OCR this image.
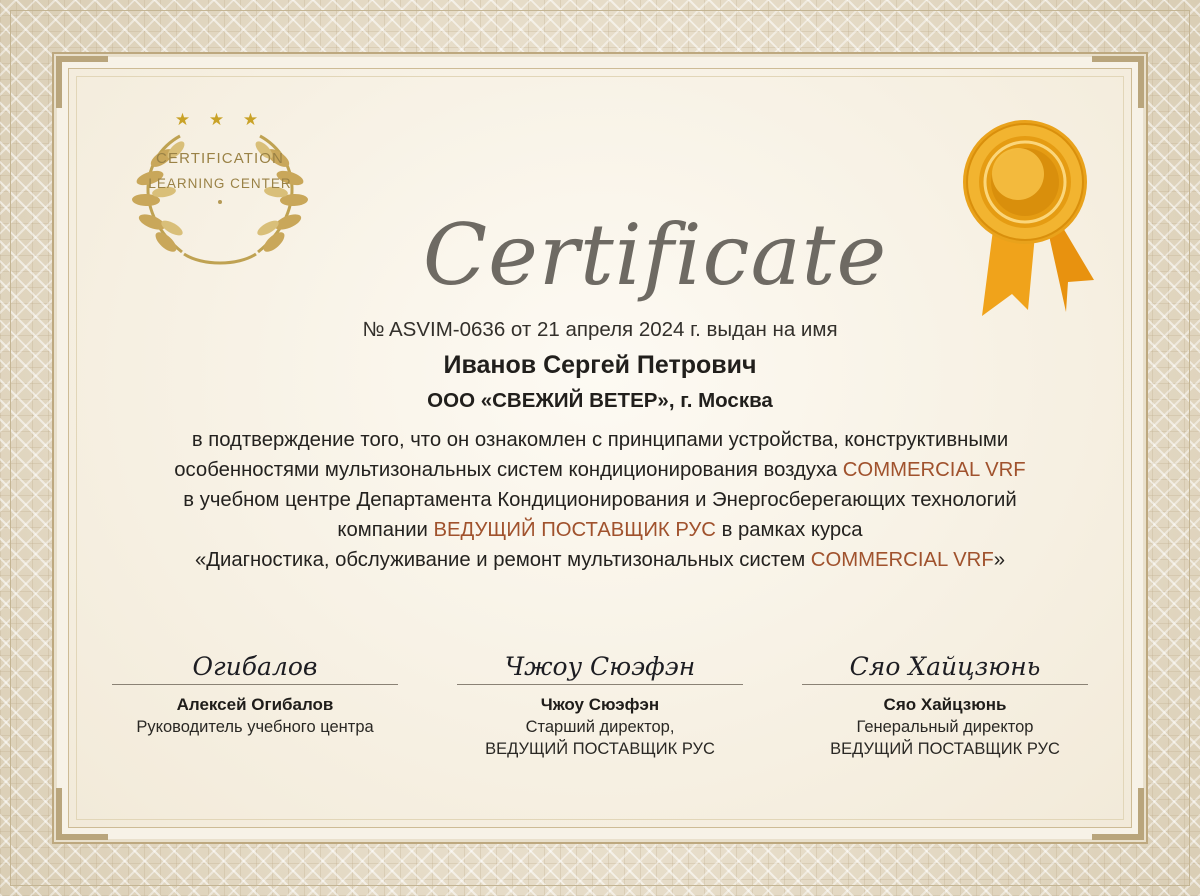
★ ★ ★
CERTIFICATION
LEARNING CENTER
Certificate
№ ASVIM-0636 от 21 апреля 2024 г. выдан на имя
Иванов Сергей Петрович
ООО «СВЕЖИЙ ВЕТЕР», г. Москва
в подтверждение того, что он ознакомлен с принципами устройства, конструктивными
особенностями мультизональных систем кондиционирования воздуха COMMERCIAL VRF
в учебном центре Департамента Кондиционирования и Энергосберегающих технологий
компании ВЕДУЩИЙ ПОСТАВЩИК РУС в рамках курса
«Диагностика, обслуживание и ремонт мультизональных систем COMMERCIAL VRF»
Огибалов
Алексей Огибалов
Руководитель учебного центра
Чжоу Сюэфэн
Чжоу Сюэфэн
Старший директор,
ВЕДУЩИЙ ПОСТАВЩИК РУС
Сяо Хайцзюнь
Сяо Хайцзюнь
Генеральный директор
ВЕДУЩИЙ ПОСТАВЩИК РУС
